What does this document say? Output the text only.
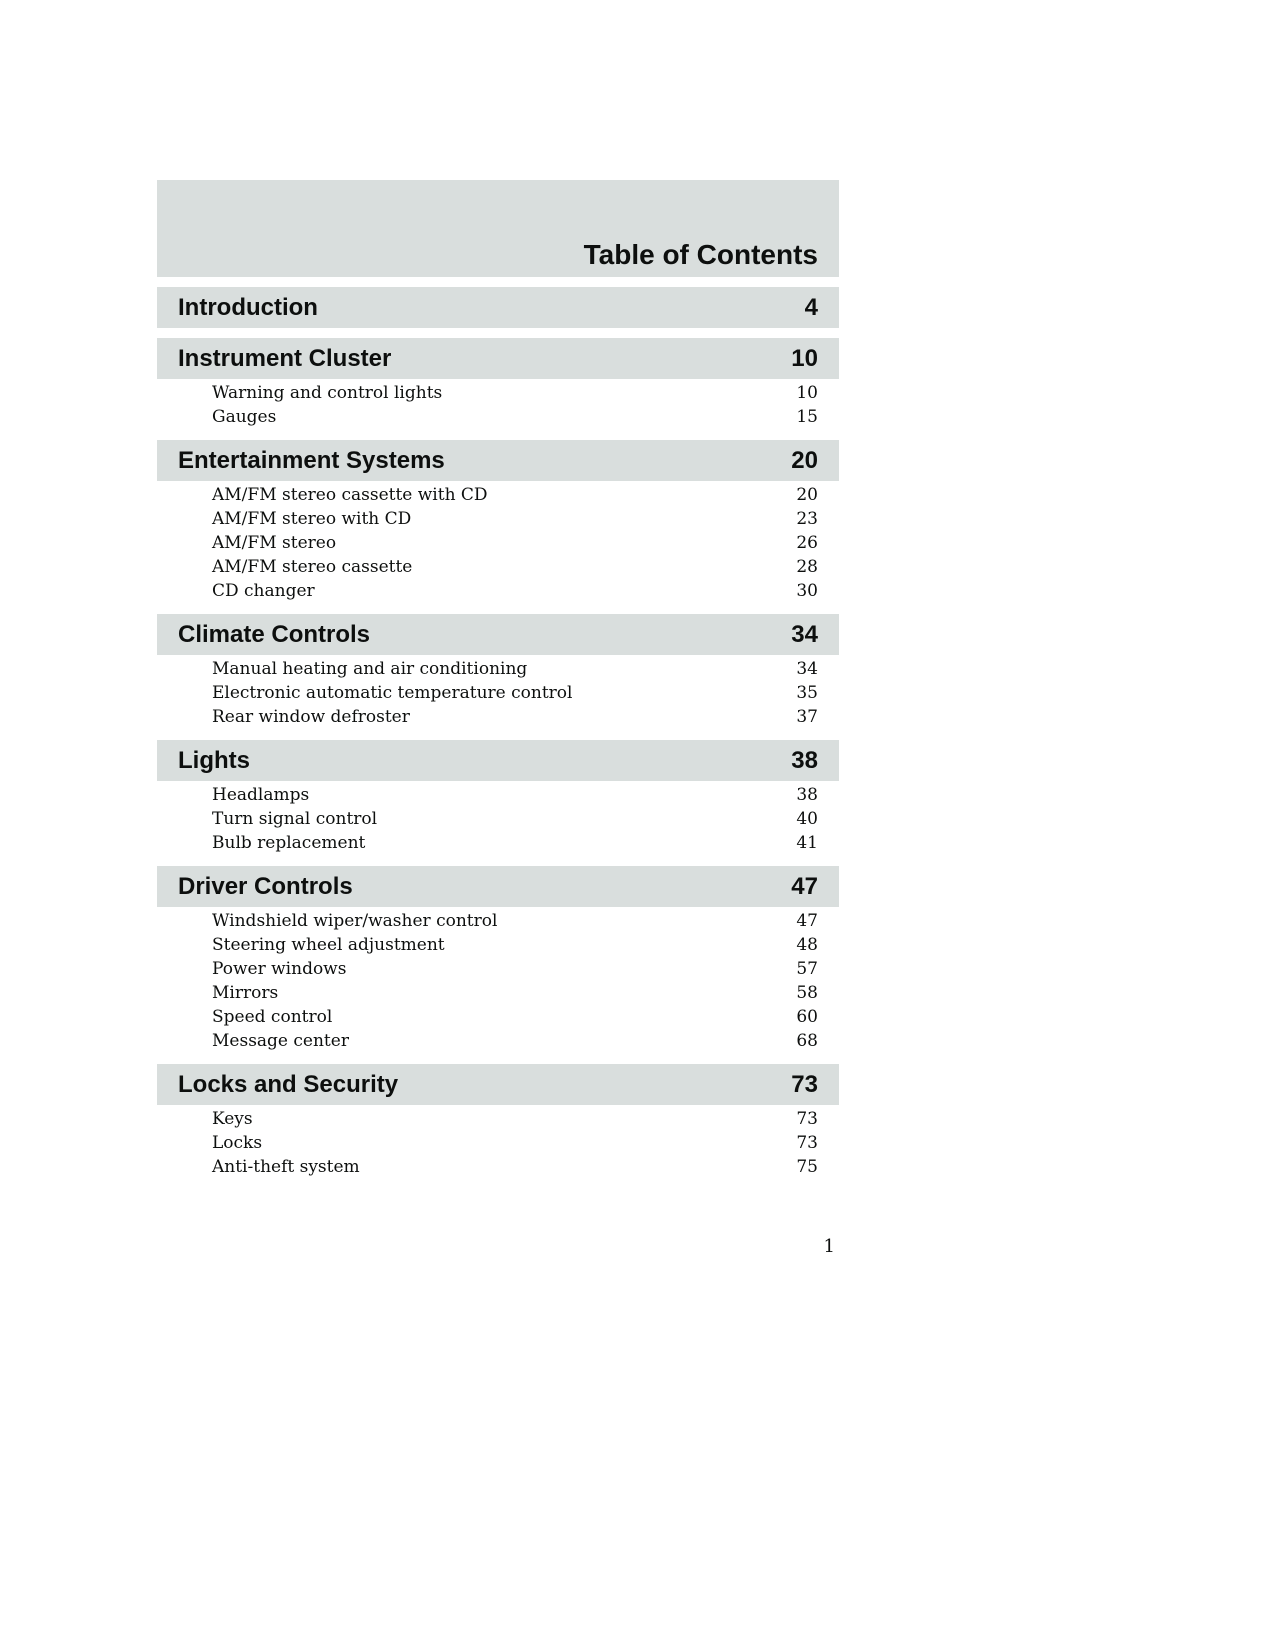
Table of Contents
Introduction	4
Instrument Cluster	10
Warning and control lights	10
Gauges	15
Entertainment Systems	20
AM/FM stereo cassette with CD	20
AM/FM stereo with CD	23
AM/FM stereo	26
AM/FM stereo cassette	28
CD changer	30
Climate Controls	34
Manual heating and air conditioning	34
Electronic automatic temperature control	35
Rear window defroster	37
Lights	38
Headlamps	38
Turn signal control	40
Bulb replacement	41
Driver Controls	47
Windshield wiper/washer control	47
Steering wheel adjustment	48
Power windows	57
Mirrors	58
Speed control	60
Message center	68
Locks and Security	73
Keys	73
Locks	73
Anti-theft system	75
1
